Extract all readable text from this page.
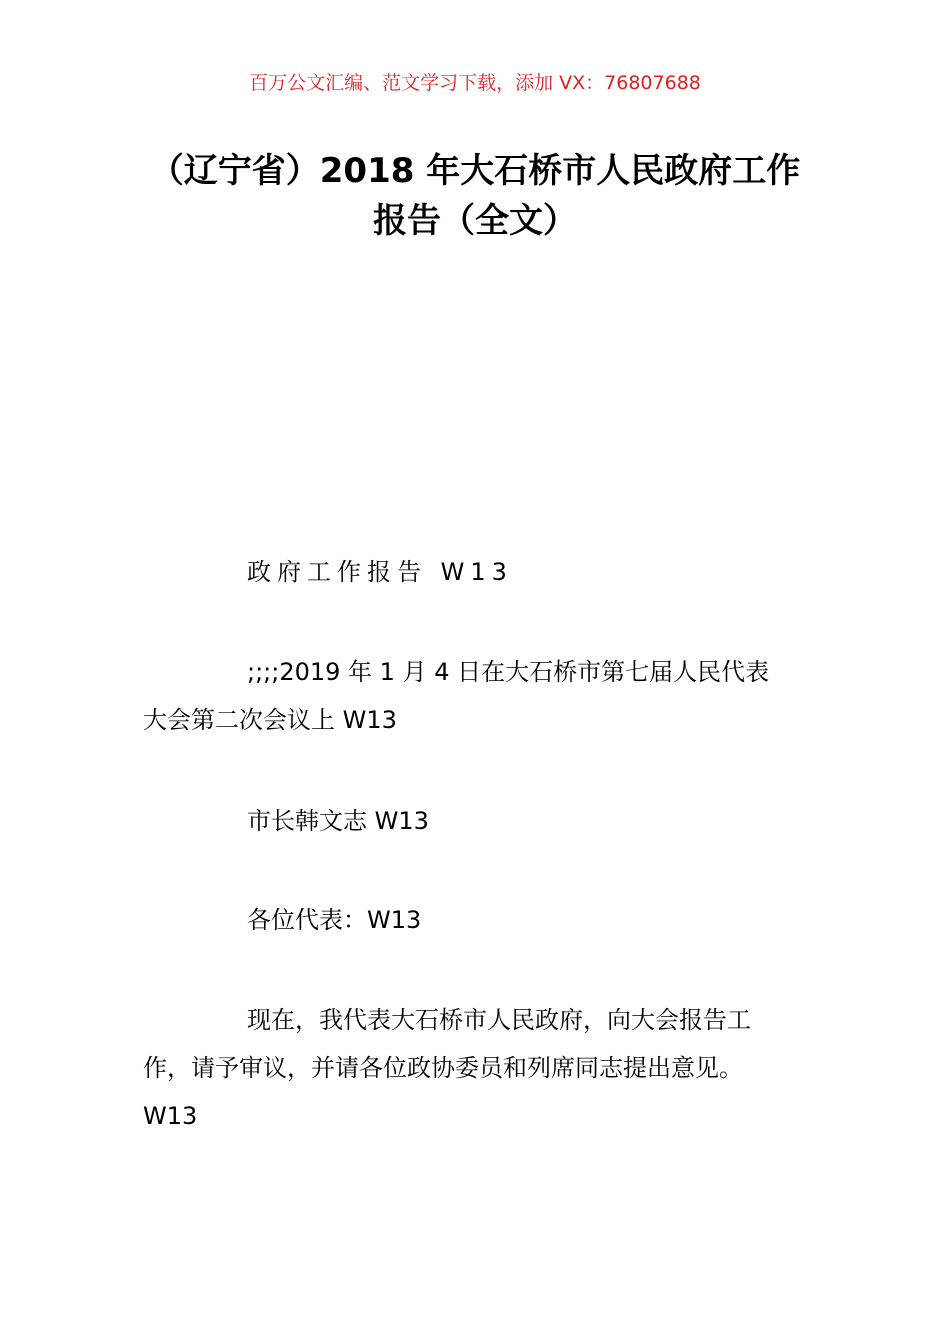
百万公文汇编、范文学习下载，添加 VX：76807688
（辽宁省）2018 年大石桥市人民政府工作
报告（全文）
政府工作报告 W13
;;;;2019 年 1 月 4 日在大石桥市第七届人民代表
大会第二次会议上 W13
市长韩文志 W13
各位代表：W13
现在，我代表大石桥市人民政府，向大会报告工
作，请予审议，并请各位政协委员和列席同志提出意见。
W13
